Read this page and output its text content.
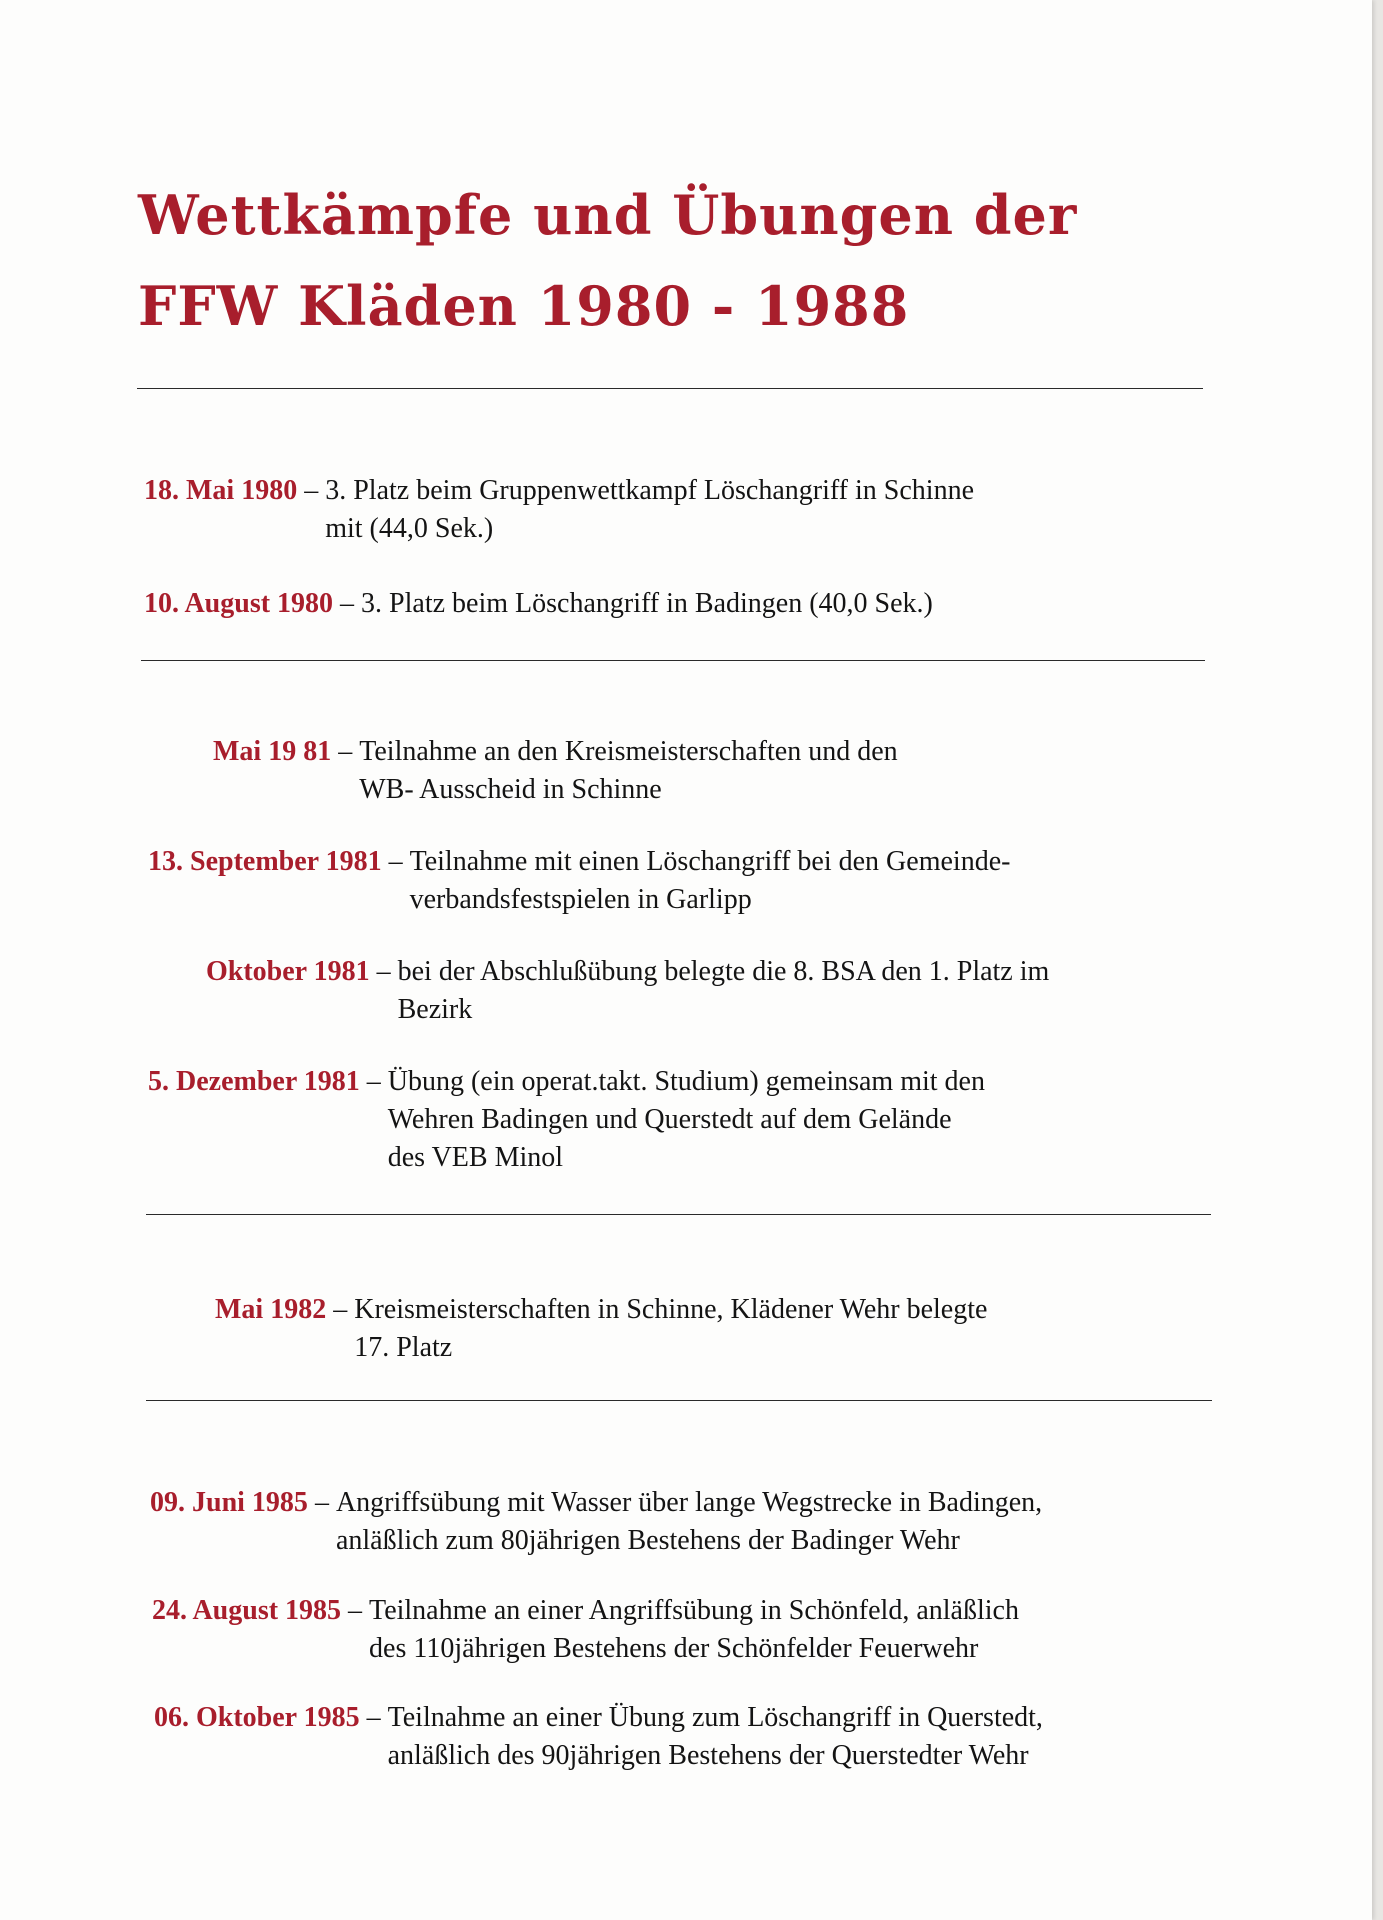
Wettkämpfe und Übungen der
FFW Kläden 1980 - 1988
18. Mai 1980 – 3. Platz beim Gruppenwettkampf Löschangriff in Schinne
mit (44,0 Sek.)
10. August 1980 – 3. Platz beim Löschangriff in Badingen (40,0 Sek.)
Mai 19 81 – Teilnahme an den Kreismeisterschaften und den
WB- Ausscheid in Schinne
13. September 1981 – Teilnahme mit einen Löschangriff bei den Gemeinde-
verbandsfestspielen in Garlipp
Oktober 1981 – bei der Abschlußübung belegte die 8. BSA den 1. Platz im
Bezirk
5. Dezember 1981 – Übung (ein operat.takt. Studium) gemeinsam mit den
Wehren Badingen und Querstedt auf dem Gelände
des VEB Minol
Mai 1982 – Kreismeisterschaften in Schinne, Klädener Wehr belegte
17. Platz
09. Juni 1985 – Angriffsübung mit Wasser über lange Wegstrecke in Badingen,
anläßlich zum 80jährigen Bestehens der Badinger Wehr
24. August 1985 – Teilnahme an einer Angriffsübung in Schönfeld, anläßlich
des 110jährigen Bestehens der Schönfelder Feuerwehr
06. Oktober 1985 – Teilnahme an einer Übung zum Löschangriff in Querstedt,
anläßlich des 90jährigen Bestehens der Querstedter Wehr
